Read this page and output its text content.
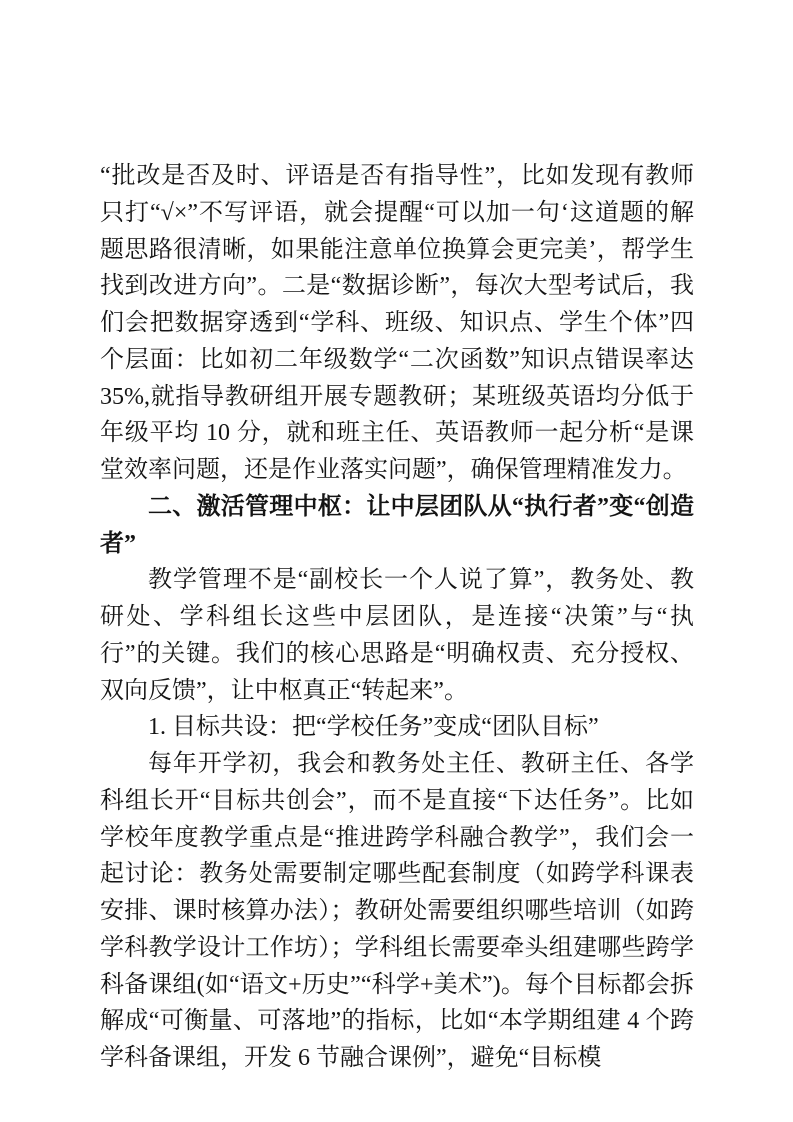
“批改是否及时、评语是否有指导性”，比如发现有教师只打“√×”不写评语，就会提醒“可以加一句‘这道题的解题思路很清晰，如果能注意单位换算会更完美’，帮学生找到改进方向”。二是“数据诊断”，每次大型考试后，我们会把数据穿透到“学科、班级、知识点、学生个体”四个层面：比如初二年级数学“二次函数”知识点错误率达 35%,就指导教研组开展专题教研；某班级英语均分低于年级平均 10 分，就和班主任、英语教师一起分析“是课堂效率问题，还是作业落实问题”，确保管理精准发力。

二、激活管理中枢：让中层团队从“执行者”变“创造者”

教学管理不是“副校长一个人说了算”，教务处、教研处、学科组长这些中层团队，是连接“决策”与“执行”的关键。我们的核心思路是“明确权责、充分授权、双向反馈”，让中枢真正“转起来”。

1. 目标共设：把“学校任务”变成“团队目标”

每年开学初，我会和教务处主任、教研主任、各学科组长开“目标共创会”，而不是直接“下达任务”。比如学校年度教学重点是“推进跨学科融合教学”，我们会一起讨论：教务处需要制定哪些配套制度（如跨学科课表安排、课时核算办法）；教研处需要组织哪些培训（如跨学科教学设计工作坊）；学科组长需要牵头组建哪些跨学科备课组(如“语文+历史”“科学+美术”)。每个目标都会拆解成“可衡量、可落地”的指标，比如“本学期组建 4 个跨学科备课组，开发 6 节融合课例”，避免“目标模
